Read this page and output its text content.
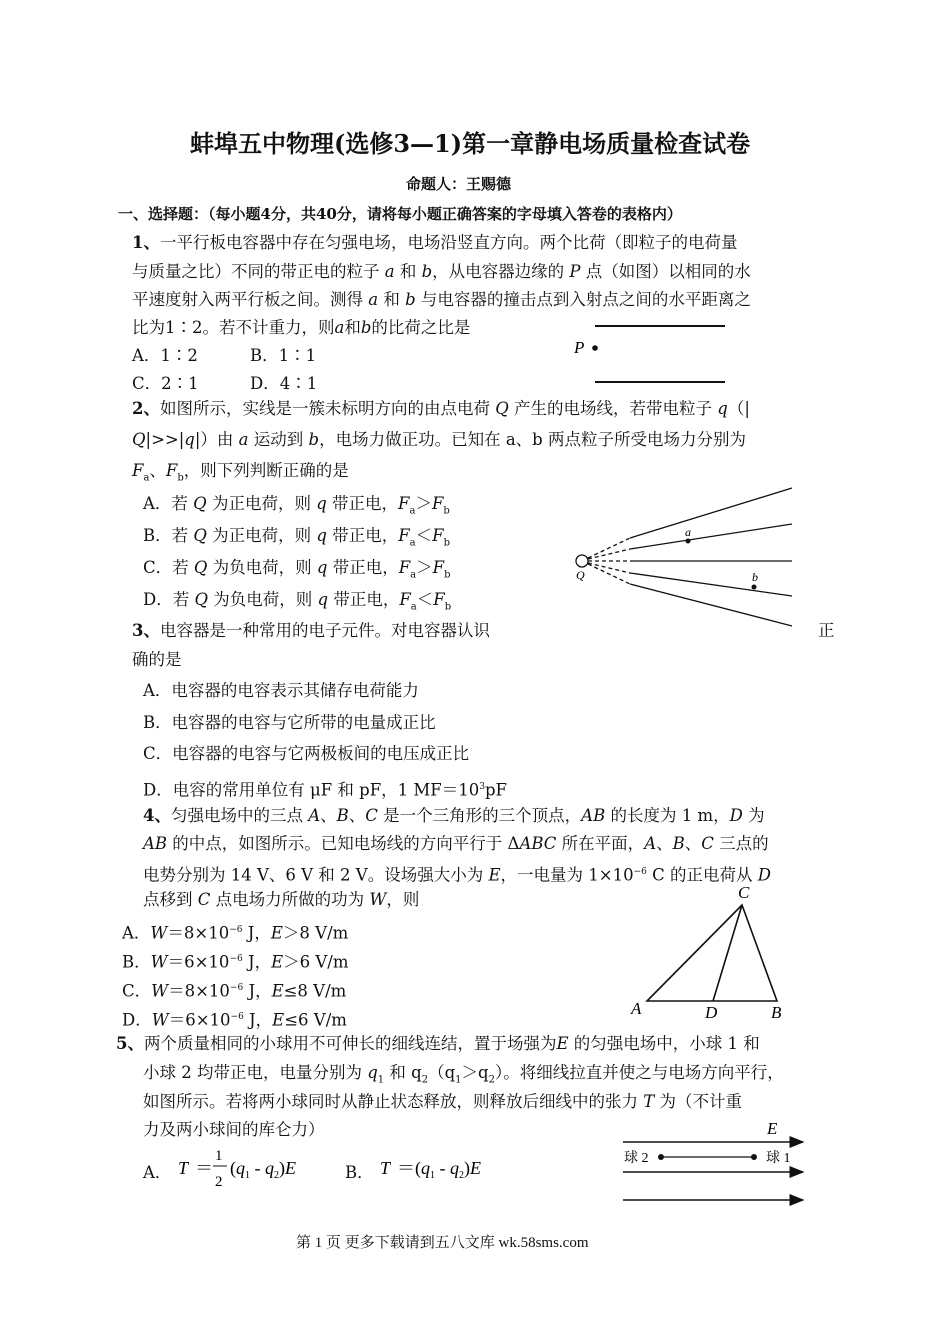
蚌埠五中物理(选修3—1)第一章静电场质量检查试卷
命题人：王赐德
一、选择题：（每小题4分，共40分，请将每小题正确答案的字母填入答卷的表格内）
1、一平行板电容器中存在匀强电场，电场沿竖直方向。两个比荷（即粒子的电荷量
与质量之比）不同的带正电的粒子 a 和 b，从电容器边缘的 P 点（如图）以相同的水
平速度射入两平行板之间。测得 a 和 b 与电容器的撞击点到入射点之间的水平距离之
比为1∶2。若不计重力，则a和b的比荷之比是
A．1∶2	B．1∶1
C．2∶1	D．4∶1
P
2、如图所示，实线是一簇未标明方向的由点电荷 Q 产生的电场线，若带电粒子 q（|
Q|>>|q|）由 a 运动到 b，电场力做正功。已知在 a、b 两点粒子所受电场力分别为
$F_a$、$F_b$，则下列判断正确的是
A．若 Q 为正电荷，则 q 带正电，$F_a>F_b$
B．若 Q 为正电荷，则 q 带正电，$F_a<F_b$
C．若 Q 为负电荷，则 q 带正电，$F_a>F_b$
D．若 Q 为负电荷，则 q 带正电，$F_a<F_b$
a
b
Q
3、电容器是一种常用的电子元件。对电容器认识	正
确的是
A．电容器的电容表示其储存电荷能力
B．电容器的电容与它所带的电量成正比
C．电容器的电容与它两极板间的电压成正比
D．电容的常用单位有 μF 和 pF，1 $MF=10^3pF$
4、匀强电场中的三点 A、B、C 是一个三角形的三个顶点，AB 的长度为 1 m，D 为
AB 的中点，如图所示。已知电场线的方向平行于 ΔABC 所在平面，A、B、C 三点的
电势分别为 14 V、6 V 和 2 V。设场强大小为 E，一电量为 $1\times 10^{-6}$ C 的正电荷从 D
点移到 C 点电场力所做的功为 W，则
A．$W=8\times 10^{-6}$ J，E＞8 V/m
B．$W=6\times 10^{-6}$ J，E＞6 V/m
C．$W=8\times 10^{-6}$ J，E≤8 V/m
D．$W=6\times 10^{-6}$ J，E≤6 V/m
C
A	D	B
5、两个质量相同的小球用不可伸长的细线连结，置于场强为E 的匀强电场中，小球 1 和
小球 2 均带正电，电量分别为 $q_1$ 和 $q_2(q_1>q_2)$。将细线拉直并使之与电场方向平行，
如图所示。若将两小球同时从静止状态释放，则释放后细线中的张力 T 为（不计重
力及两小球间的库仑力）
A． T ＝
1
2
$(q_1 - q_2)E$	B． $T =(q_1 - q_2)E$
E
球 2	球 1
第 1 页 更多下载请到五八文库 wk.58sms.com
